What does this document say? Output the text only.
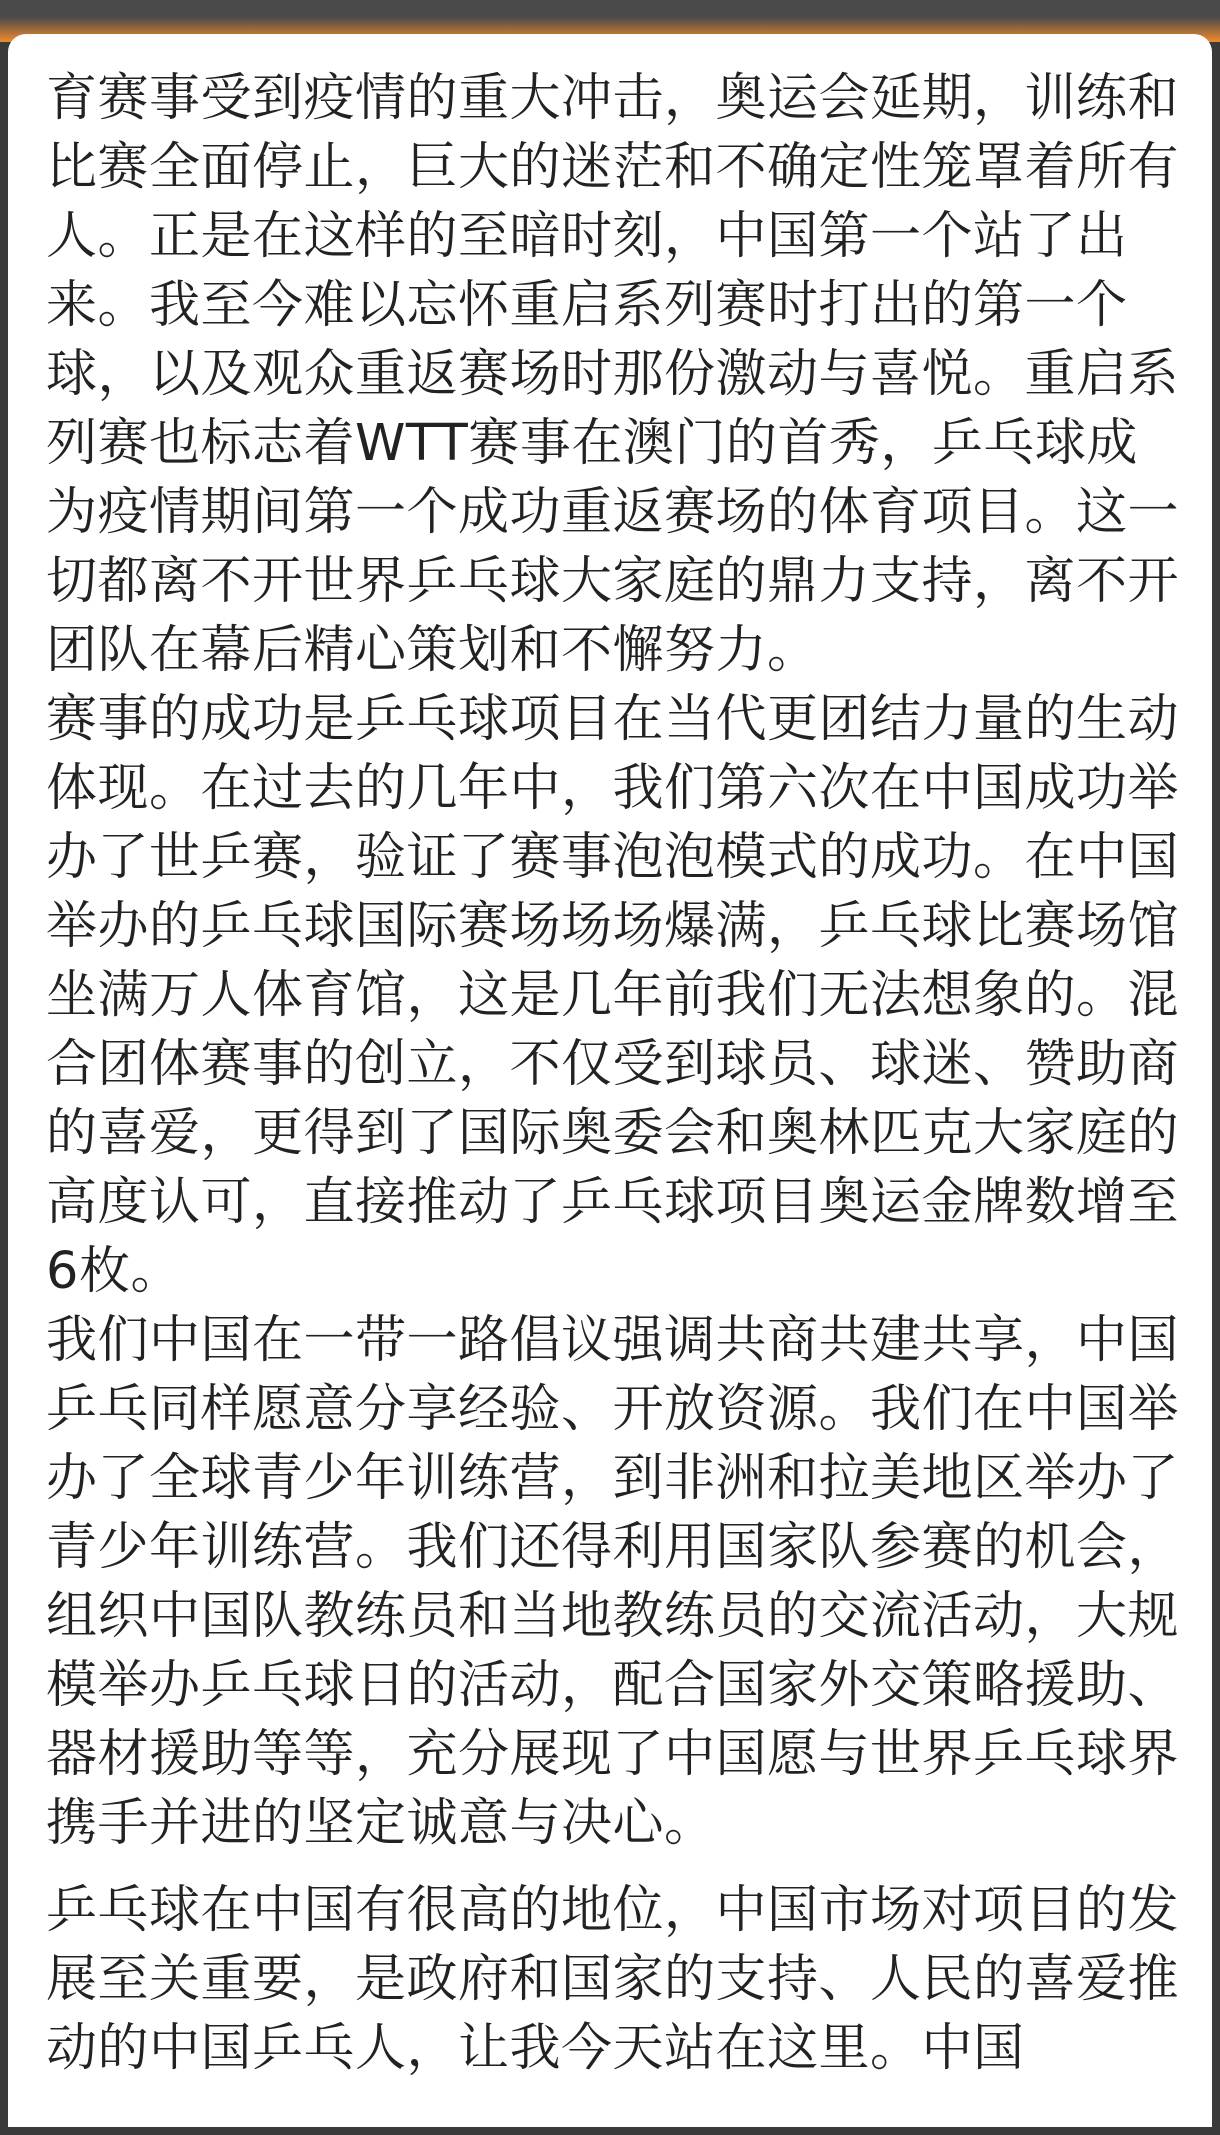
育赛事受到疫情的重大冲击，奥运会延期，训练和
比赛全面停止，巨大的迷茫和不确定性笼罩着所有
人。正是在这样的至暗时刻，中国第一个站了出
来。我至今难以忘怀重启系列赛时打出的第一个
球，以及观众重返赛场时那份激动与喜悦。重启系
列赛也标志着WTT赛事在澳门的首秀，乒乓球成
为疫情期间第一个成功重返赛场的体育项目。这一
切都离不开世界乒乓球大家庭的鼎力支持，离不开
团队在幕后精心策划和不懈努力。

赛事的成功是乒乓球项目在当代更团结力量的生动
体现。在过去的几年中，我们第六次在中国成功举
办了世乒赛，验证了赛事泡泡模式的成功。在中国
举办的乒乓球国际赛场场场爆满，乒乓球比赛场馆
坐满万人体育馆，这是几年前我们无法想象的。混
合团体赛事的创立，不仅受到球员、球迷、赞助商
的喜爱，更得到了国际奥委会和奥林匹克大家庭的
高度认可，直接推动了乒乓球项目奥运金牌数增至
6枚。

我们中国在一带一路倡议强调共商共建共享，中国
乒乓同样愿意分享经验、开放资源。我们在中国举
办了全球青少年训练营，到非洲和拉美地区举办了
青少年训练营。我们还得利用国家队参赛的机会，
组织中国队教练员和当地教练员的交流活动，大规
模举办乒乓球日的活动，配合国家外交策略援助、
器材援助等等，充分展现了中国愿与世界乒乓球界
携手并进的坚定诚意与决心。

乒乓球在中国有很高的地位，中国市场对项目的发
展至关重要，是政府和国家的支持、人民的喜爱推
动的中国乒乓人，让我今天站在这里。中国
